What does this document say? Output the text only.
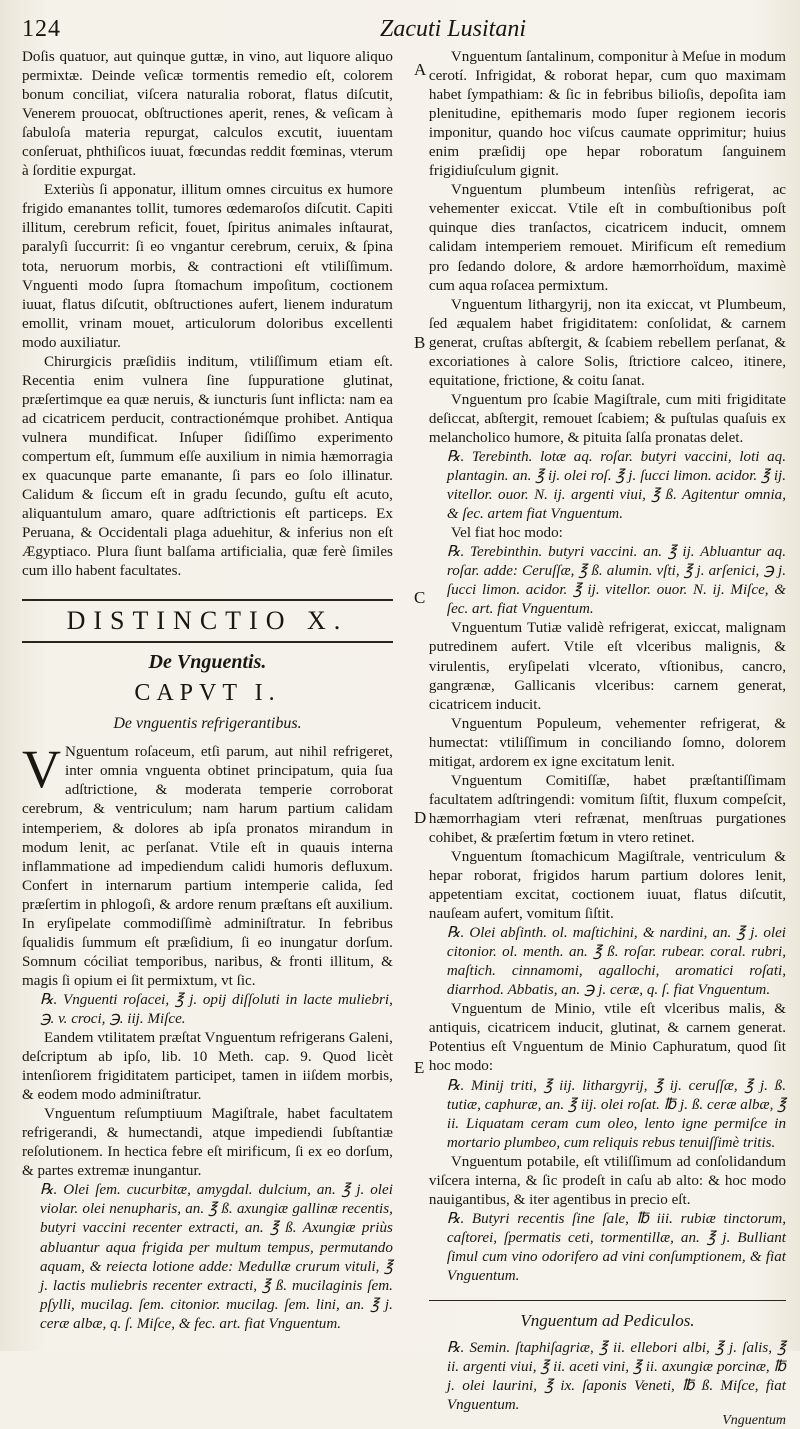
124	Zacuti Lusitani
A
B
C
D
E

Doſis quatuor, aut quinque guttæ, in vino, aut liquore aliquo permixtæ. Deinde veſicæ tormentis remedio eſt, colorem bonum conciliat, viſcera naturalia roborat, flatus diſcutit, Venerem prouocat, obſtructiones aperit, renes, & veſicam à ſabuloſa materia repurgat, calculos excutit, iuuentam conſeruat, phthiſicos iuuat, fœcundas reddit fœminas, vterum à ſorditie expurgat.

Exteriùs ſi apponatur, illitum omnes circuitus ex humore frigido emanantes tollit, tumores œdemaroſos diſcutit. Capiti illitum, cerebrum reficit, fouet, ſpiritus animales inſtaurat, paralyſi ſuccurrit: ſi eo vngantur cerebrum, ceruix, & ſpina tota, neruorum morbis, & contractioni eſt vtiliſſimum. Vnguenti modo ſupra ſtomachum impoſitum, coctionem iuuat, flatus diſcutit, obſtructiones aufert, lienem induratum emollit, vrinam mouet, articulorum doloribus excellenti modo auxiliatur.

Chirurgicis præſidiis inditum, vtiliſſimum etiam eſt. Recentia enim vulnera ſine ſuppuratione glutinat, præſertimque ea quæ neruis, & iuncturis ſunt inflicta: nam ea ad cicatricem perducit, contractionémque prohibet. Antiqua vulnera mundificat. Inſuper ſidiſſimo experimento compertum eſt, ſummum eſſe auxilium in nimia hæmorragia ex quacunque parte emanante, ſi pars eo ſolo illinatur. Calidum & ſiccum eſt in gradu ſecundo, guſtu eſt acuto, aliquantulum amaro, quare adſtrictionis eſt particeps. Ex Peruana, & Occidentali plaga aduehitur, & inferius non eſt Ægyptiaco. Plura ſiunt balſama artificialia, quæ ferè ſimiles cum illo habent facultates.

DISTINCTIO X.
De Vnguentis.
CAPVT I.
De vnguentis refrigerantibus.
V Nguentum roſaceum, etſi parum, aut nihil refrigeret, inter omnia vnguenta obtinet principatum, quia ſua adſtrictione, & moderata temperie corroborat cerebrum, & ventriculum; nam harum partium calidam intemperiem, & dolores ab ipſa pronatos mirandum in modum lenit, ac perſanat. Vtile eſt in quauis interna inflammatione ad impediendum calidi humoris defluxum. Confert in internarum partium intemperie calida, ſed præſertim in phlogoſi, & ardore renum præſtans eſt auxilium. In eryſipelate commodiſſimè adminiſtratur. In febribus ſqualidis ſummum eſt præſidium, ſi eo inungatur dorſum. Somnum cóciliat temporibus, naribus, & fronti illitum, & magis ſi opium ei ſit permixtum, vt ſic.

℞. Vnguenti roſacei, ℥ j. opij diſſoluti in lacte muliebri, ℈. v. croci, ℈. iij. Miſce.

Eandem vtilitatem præſtat Vnguentum refrigerans Galeni, deſcriptum ab ipſo, lib. 10 Meth. cap. 9. Quod licèt intenſiorem frigiditatem participet, tamen in iiſdem morbis, & eodem modo adminiſtratur.

Vnguentum reſumptiuum Magiſtrale, habet facultatem refrigerandi, & humectandi, atque impediendi ſubſtantiæ reſolutionem. In hectica febre eſt mirificum, ſi ex eo dorſum, & partes extremæ inungantur.

℞. Olei ſem. cucurbitæ, amygdal. dulcium, an. ℥ j. olei violar. olei nenupharis, an. ℥ ß. axungiæ gallinæ recentis, butyri vaccini recenter extracti, an. ℥ ß. Axungiæ priùs abluantur aqua frigida per multum tempus, permutando aquam, & reiecta lotione adde: Medullæ crurum vituli, ℥ j. lactis muliebris recenter extracti, ℥ ß. mucilaginis ſem. pſylli, mucilag. ſem. citonior. mucilag. ſem. lini, an. ℥ j. ceræ albæ, q. ſ. Miſce, & fec. art. fiat Vnguentum.

Vnguentum ſantalinum, componitur à Meſue in modum cerotí. Infrigidat, & roborat hepar, cum quo maximam habet ſympathiam: & ſic in febribus bilioſis, depoſita iam plenitudine, epithemaris modo ſuper regionem iecoris imponitur, quando hoc viſcus caumate opprimitur; huius enim præſidij ope hepar roboratum ſanguinem frigidiuſculum gignit.

Vnguentum plumbeum intenſiùs refrigerat, ac vehementer exiccat. Vtile eſt in combuſtionibus poſt quinque dies tranſactos, cicatricem inducit, omnem calidam intemperiem remouet. Mirificum eſt remedium pro ſedando dolore, & ardore hæmorrhoïdum, maximè cum aqua roſacea permixtum.

Vnguentum lithargyrij, non ita exiccat, vt Plumbeum, ſed æqualem habet frigiditatem: conſolidat, & carnem generat, cruſtas abſtergit, & ſcabiem rebellem perſanat, & excoriationes à calore Solis, ſtrictiore calceo, itinere, equitatione, frictione, & coitu ſanat.

Vnguentum pro ſcabie Magiſtrale, cum miti frigiditate deſiccat, abſtergit, remouet ſcabiem; & puſtulas quaſuis ex melancholico humore, & pituita ſalſa pronatas delet.

℞. Terebinth. lotæ aq. roſar. butyri vaccini, loti aq. plantagin. an. ℥ ij. olei roſ. ℥ j. ſucci limon. acidor. ℥ ij. vitellor. ouor. N. ij. argenti viui, ℥ ß. Agitentur omnia, & ſec. artem fiat Vnguentum.

Vel fiat hoc modo:

℞. Terebinthin. butyri vaccini. an. ℥ ij. Abluantur aq. roſar. adde: Ceruſſæ, ℥ ß. alumin. vſti, ℥ j. arſenici, ℈ j. ſucci limon. acidor. ℥ ij. vitellor. ouor. N. ij. Miſce, & ſec. art. fiat Vnguentum.

Vnguentum Tutiæ validè refrigerat, exiccat, malignam putredinem aufert. Vtile eſt vlceribus malignis, & virulentis, eryſipelati vlcerato, vſtionibus, cancro, gangrænæ, Gallicanis vlceribus: carnem generat, cicatricem inducit.

Vnguentum Populeum, vehementer refrigerat, & humectat: vtiliſſimum in conciliando ſomno, dolorem mitigat, ardorem ex igne excitatum lenit.

Vnguentum Comitiſſæ, habet præſtantiſſimam facultatem adſtringendi: vomitum ſiſtit, fluxum compeſcit, hæmorrhagiam vteri refrænat, menſtruas purgationes cohibet, & præſertim fœtum in vtero retinet.

Vnguentum ſtomachicum Magiſtrale, ventriculum & hepar roborat, frigidos harum partium dolores lenit, appetentiam excitat, coctionem iuuat, flatus diſcutit, nauſeam aufert, vomitum ſiſtit.

℞. Olei abſinth. ol. maſtichini, & nardini, an. ℥ j. olei citonior. ol. menth. an. ℥ ß. roſar. rubear. coral. rubri, maſtich. cinnamomi, agallochi, aromatici roſati, diarrhod. Abbatis, an. ℈ j. ceræ, q. ſ. fiat Vnguentum.

Vnguentum de Minio, vtile eſt vlceribus malis, & antiquis, cicatricem inducit, glutinat, & carnem generat. Potentius eſt Vnguentum de Minio Caphuratum, quod ſit hoc modo:

℞. Minij triti, ℥ iij. lithargyrij, ℥ ij. ceruſſæ, ℥ j. ß. tutiæ, caphuræ, an. ℥ iij. olei roſat. ℔ j. ß. ceræ albæ, ℥ ii. Liquatam ceram cum oleo, lento igne permiſce in mortario plumbeo, cum reliquis rebus tenuiſſimè tritis.

Vnguentum potabile, eſt vtiliſſimum ad conſolidandum viſcera interna, & ſic prodeſt in caſu ab alto: & hoc modo nauigantibus, & iter agentibus in precio eſt.

℞. Butyri recentis ſine ſale, ℔ iii. rubiæ tinctorum, caſtorei, ſpermatis ceti, tormentillæ, an. ℥ j. Bulliant ſimul cum vino odorifero ad vini conſumptionem, & fiat Vnguentum.

Vnguentum ad Pediculos.

℞. Semin. ſtaphiſagriæ, ℥ ii. ellebori albi, ℥ j. ſalis, ℥ ii. argenti viui, ℥ ii. aceti vini, ℥ ii. axungiæ porcinæ, ℔ j. olei laurini, ℥ ix. ſaponis Veneti, ℔ ß. Miſce, fiat Vnguentum.

Vnguentum
